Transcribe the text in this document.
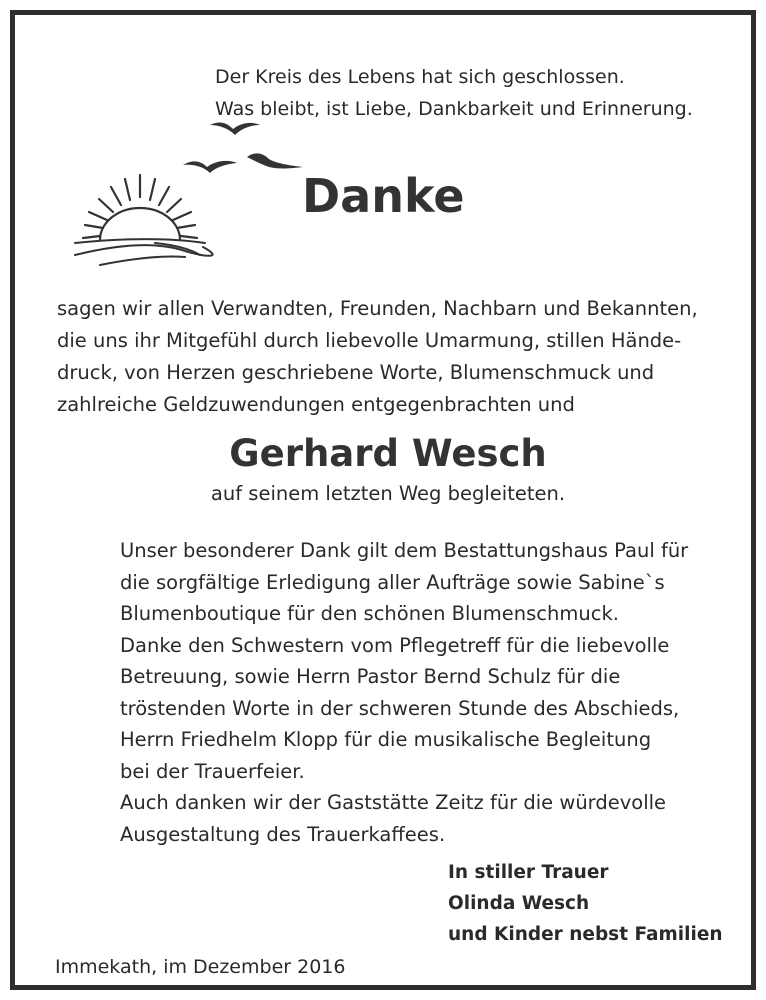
Der Kreis des Lebens hat sich geschlossen.
Was bleibt, ist Liebe, Dankbarkeit und Erinnerung.
Danke
sagen wir allen Verwandten, Freunden, Nachbarn und Bekannten,
die uns ihr Mitgefühl durch liebevolle Umarmung, stillen Hände-
druck, von Herzen geschriebene Worte, Blumenschmuck und
zahlreiche Geldzuwendungen entgegenbrachten und
Gerhard Wesch
auf seinem letzten Weg begleiteten.
Unser besonderer Dank gilt dem Bestattungshaus Paul für
die sorgfältige Erledigung aller Aufträge sowie Sabine`s
Blumenboutique für den schönen Blumenschmuck.
Danke den Schwestern vom Pflegetreff für die liebevolle
Betreuung, sowie Herrn Pastor Bernd Schulz für die
tröstenden Worte in der schweren Stunde des Abschieds,
Herrn Friedhelm Klopp für die musikalische Begleitung
bei der Trauerfeier.
Auch danken wir der Gaststätte Zeitz für die würdevolle
Ausgestaltung des Trauerkaffees.
In stiller Trauer
Olinda Wesch
und Kinder nebst Familien
Immekath, im Dezember 2016
